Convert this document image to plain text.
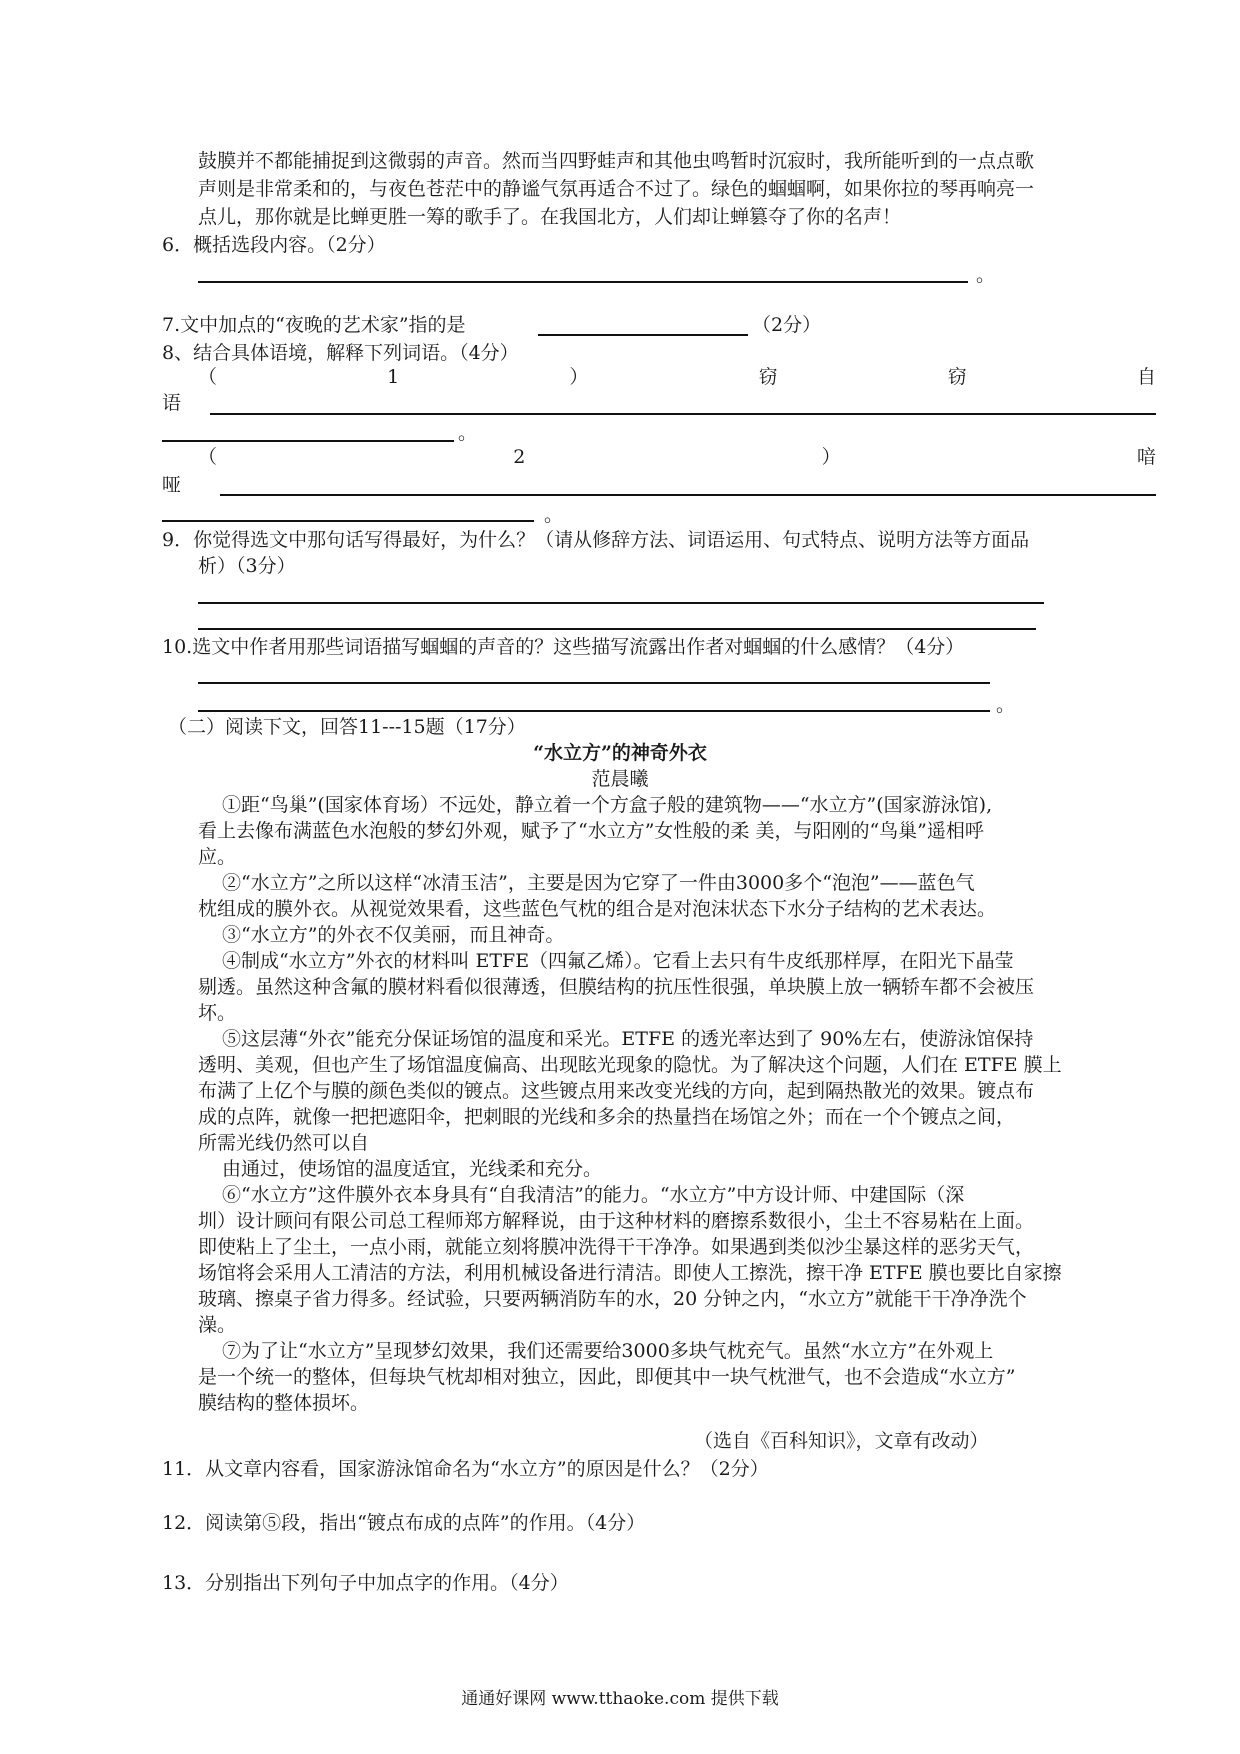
鼓膜并不都能捕捉到这微弱的声音。然而当四野蛙声和其他虫鸣暂时沉寂时，我所能听到的一点点歌
声则是非常柔和的，与夜色苍茫中的静谧气氛再适合不过了。绿色的蝈蝈啊，如果你拉的琴再响亮一
点儿，那你就是比蝉更胜一筹的歌手了。在我国北方，人们却让蝉篡夺了你的名声！
6．概括选段内容。（2分）
。
7.文中加点的“夜晚的艺术家”指的是	（2分）
8、结合具体语境，解释下列词语。（4分）
（	1	）	窃	窃	自
语
。
（	2	）	喑
哑
。
9．你觉得选文中那句话写得最好，为什么？（请从修辞方法、词语运用、句式特点、说明方法等方面品
析）（3分）
10.选文中作者用那些词语描写蝈蝈的声音的？这些描写流露出作者对蝈蝈的什么感情？（4分）
。
（二）阅读下文，回答11---15题（17分）
“水立方”的神奇外衣
范晨曦
①距“鸟巢”(国家体育场）不远处，静立着一个方盒子般的建筑物——“水立方”(国家游泳馆),
看上去像布满蓝色水泡般的梦幻外观，赋予了“水立方”女性般的柔 美，与阳刚的“鸟巢”遥相呼
应。
②“水立方”之所以这样“冰清玉洁”，主要是因为它穿了一件由3000多个“泡泡”——蓝色气
枕组成的膜外衣。从视觉效果看，这些蓝色气枕的组合是对泡沫状态下水分子结构的艺术表达。
③“水立方”的外衣不仅美丽，而且神奇。
④制成“水立方”外衣的材料叫 ETFE（四氟乙烯）。它看上去只有牛皮纸那样厚，在阳光下晶莹
剔透。虽然这种含氟的膜材料看似很薄透，但膜结构的抗压性很强，单块膜上放一辆轿车都不会被压
坏。
⑤这层薄“外衣”能充分保证场馆的温度和采光。ETFE 的透光率达到了 90%左右，使游泳馆保持
透明、美观，但也产生了场馆温度偏高、出现眩光现象的隐忧。为了解决这个问题，人们在 ETFE 膜上
布满了上亿个与膜的颜色类似的镀点。这些镀点用来改变光线的方向，起到隔热散光的效果。镀点布
成的点阵，就像一把把遮阳伞，把刺眼的光线和多余的热量挡在场馆之外；而在一个个镀点之间，
所需光线仍然可以自
由通过，使场馆的温度适宜，光线柔和充分。
⑥“水立方”这件膜外衣本身具有“自我清洁”的能力。“水立方”中方设计师、中建国际（深
圳）设计顾问有限公司总工程师郑方解释说，由于这种材料的磨擦系数很小，尘土不容易粘在上面。
即使粘上了尘土，一点小雨，就能立刻将膜冲洗得干干净净。如果遇到类似沙尘暴这样的恶劣天气，
场馆将会采用人工清洁的方法，利用机械设备进行清洁。即使人工擦洗，擦干净 ETFE 膜也要比自家擦
玻璃、擦桌子省力得多。经试验，只要两辆消防车的水，20 分钟之内，“水立方”就能干干净净洗个
澡。
⑦为了让“水立方”呈现梦幻效果，我们还需要给3000多块气枕充气。虽然“水立方”在外观上
是一个统一的整体，但每块气枕却相对独立，因此，即便其中一块气枕泄气，也不会造成“水立方”
膜结构的整体损坏。
（选自《百科知识》，文章有改动）
11．从文章内容看，国家游泳馆命名为“水立方”的原因是什么？（2分）
12．阅读第⑤段，指出“镀点布成的点阵”的作用。（4分）
13．分别指出下列句子中加点字的作用。（4分）
通通好课网 www.tthaoke.com 提供下载
